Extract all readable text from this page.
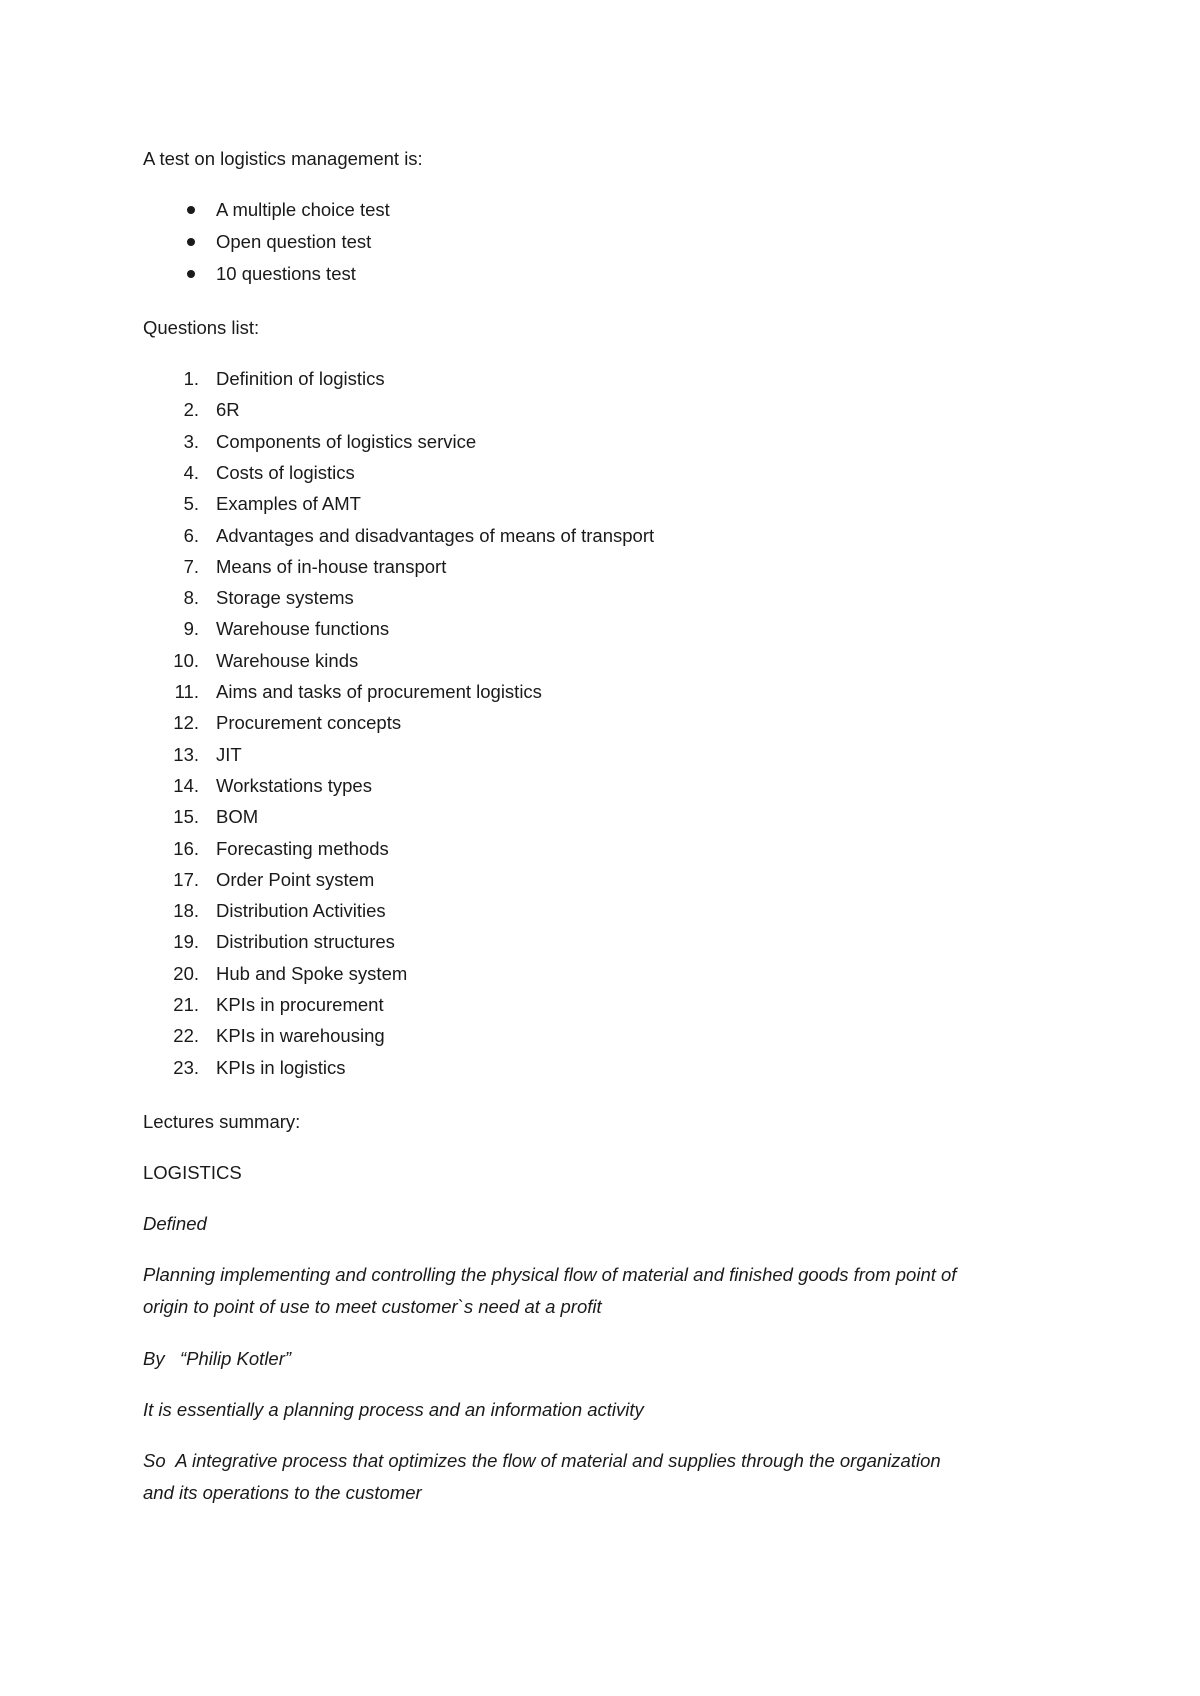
A test on logistics management is:
A multiple choice test
Open question test
10 questions test
Questions list:
1. Definition of logistics
2. 6R
3. Components of logistics service
4. Costs of logistics
5. Examples of AMT
6. Advantages and disadvantages of means of transport
7. Means of in-house transport
8. Storage systems
9. Warehouse functions
10. Warehouse kinds
11. Aims and tasks of procurement logistics
12. Procurement concepts
13. JIT
14. Workstations types
15. BOM
16. Forecasting methods
17. Order Point system
18. Distribution Activities
19. Distribution structures
20. Hub and Spoke system
21. KPIs in procurement
22. KPIs in warehousing
23. KPIs in logistics
Lectures summary:
LOGISTICS
Defined
Planning implementing and controlling the physical flow of material and finished goods from point of
origin to point of use to meet customer`s need at a profit
By   “Philip Kotler”
It is essentially a planning process and an information activity
So  A integrative process that optimizes the flow of material and supplies through the organization
and its operations to the customer
